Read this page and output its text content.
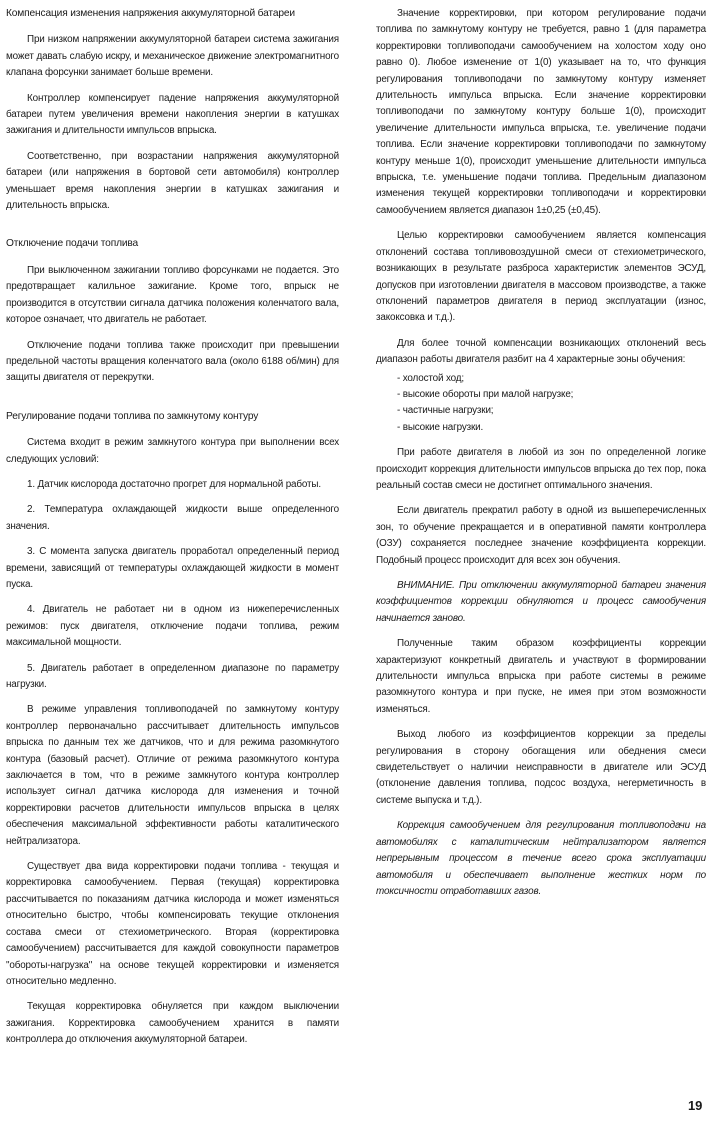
Компенсация изменения напряжения аккумуляторной батареи

При низком напряжении аккумуляторной батареи система зажигания может давать слабую искру, и механическое движение электромагнитного клапана форсунки занимает больше времени.

Контроллер компенсирует падение напряжения аккумуляторной батареи путем увеличения времени накопления энергии в катушках зажигания и длительности импульсов впрыска.

Соответственно, при возрастании напряжения аккумуляторной батареи (или напряжения в бортовой сети автомобиля) контроллер уменьшает время накопления энергии в катушках зажигания и длительность впрыска.

Отключение подачи топлива

При выключенном зажигании топливо форсунками не подается. Это предотвращает калильное зажигание. Кроме того, впрыск не производится в отсутствии сигнала датчика положения коленчатого вала, которое означает, что двигатель не работает.

Отключение подачи топлива также происходит при превышении предельной частоты вращения коленчатого вала (около 6188 об/мин) для защиты двигателя от перекрутки.

Регулирование подачи топлива по замкнутому контуру

Система входит в режим замкнутого контура при выполнении всех следующих условий:

1. Датчик кислорода достаточно прогрет для нормальной работы.

2. Температура охлаждающей жидкости выше определенного значения.

3. С момента запуска двигатель проработал определенный период времени, зависящий от температуры охлаждающей жидкости в момент пуска.

4. Двигатель не работает ни в одном из нижеперечисленных режимов: пуск двигателя, отключение подачи топлива, режим максимальной мощности.

5. Двигатель работает в определенном диапазоне по параметру нагрузки.

В режиме управления топливоподачей по замкнутому контуру контроллер первоначально рассчитывает длительность импульсов впрыска по данным тех же датчиков, что и для режима разомкнутого контура (базовый расчет). Отличие от режима разомкнутого контура заключается в том, что в режиме замкнутого контура контроллер использует сигнал датчика кислорода для изменения и точной корректировки расчетов длительности импульсов впрыска в целях обеспечения максимальной эффективности работы каталитического нейтрализатора.

Существует два вида корректировки подачи топлива - текущая и корректировка самообучением. Первая (текущая) корректировка рассчитывается по показаниям датчика кислорода и может изменяться относительно быстро, чтобы компенсировать текущие отклонения состава смеси от стехиометрического. Вторая (корректировка самообучением) рассчитывается для каждой совокупности параметров "обороты-нагрузка" на основе текущей корректировки и изменяется относительно медленно.

Текущая корректировка обнуляется при каждом выключении зажигания. Корректировка самообучением хранится в памяти контроллера до отключения аккумуляторной батареи.

Значение корректировки, при котором регулирование подачи топлива по замкнутому контуру не требуется, равно 1 (для параметра корректировки топливоподачи самообучением на холостом ходу оно равно 0). Любое изменение от 1(0) указывает на то, что функция регулирования топливоподачи по замкнутому контуру изменяет длительность импульса впрыска. Если значение корректировки топливоподачи по замкнутому контуру больше 1(0), происходит увеличение длительности импульса впрыска, т.е. увеличение подачи топлива. Если значение корректировки топливоподачи по замкнутому контуру меньше 1(0), происходит уменьшение длительности импульса впрыска, т.е. уменьшение подачи топлива. Предельным диапазоном изменения текущей корректировки топливоподачи и корректировки самообучением является диапазон 1±0,25 (±0,45).

Целью корректировки самообучением является компенсация отклонений состава топливовоздушной смеси от стехиометрического, возникающих в результате разброса характеристик элементов ЭСУД, допусков при изготовлении двигателя в массовом производстве, а также отклонений параметров двигателя в период эксплуатации (износ, закоксовка и т.д.).

Для более точной компенсации возникающих отклонений весь диапазон работы двигателя разбит на 4 характерные зоны обучения:

- холостой ход;
- высокие обороты при малой нагрузке;
- частичные нагрузки;
- высокие нагрузки.

При работе двигателя в любой из зон по определенной логике происходит коррекция длительности импульсов впрыска до тех пор, пока реальный состав смеси не достигнет оптимального значения.

Если двигатель прекратил работу в одной из вышеперечисленных зон, то обучение прекращается и в оперативной памяти контроллера (ОЗУ) сохраняется последнее значение коэффициента коррекции. Подобный процесс происходит для всех зон обучения.

ВНИМАНИЕ. При отключении аккумуляторной батареи значения коэффициентов коррекции обнуляются и процесс самообучения начинается заново.

Полученные таким образом коэффициенты коррекции характеризуют конкретный двигатель и участвуют в формировании длительности импульса впрыска при работе системы в режиме разомкнутого контура и при пуске, не имея при этом возможности изменяться.

Выход любого из коэффициентов коррекции за пределы регулирования в сторону обогащения или обеднения смеси свидетельствует о наличии неисправности в двигателе или ЭСУД (отклонение давления топлива, подсос воздуха, негерметичность в системе выпуска и т.д.).

Коррекция самообучением для регулирования топливоподачи на автомобилях с каталитическим нейтрализатором является непрерывным процессом в течение всего срока эксплуатации автомобиля и обеспечивает выполнение жестких норм по токсичности отработавших газов.

19
